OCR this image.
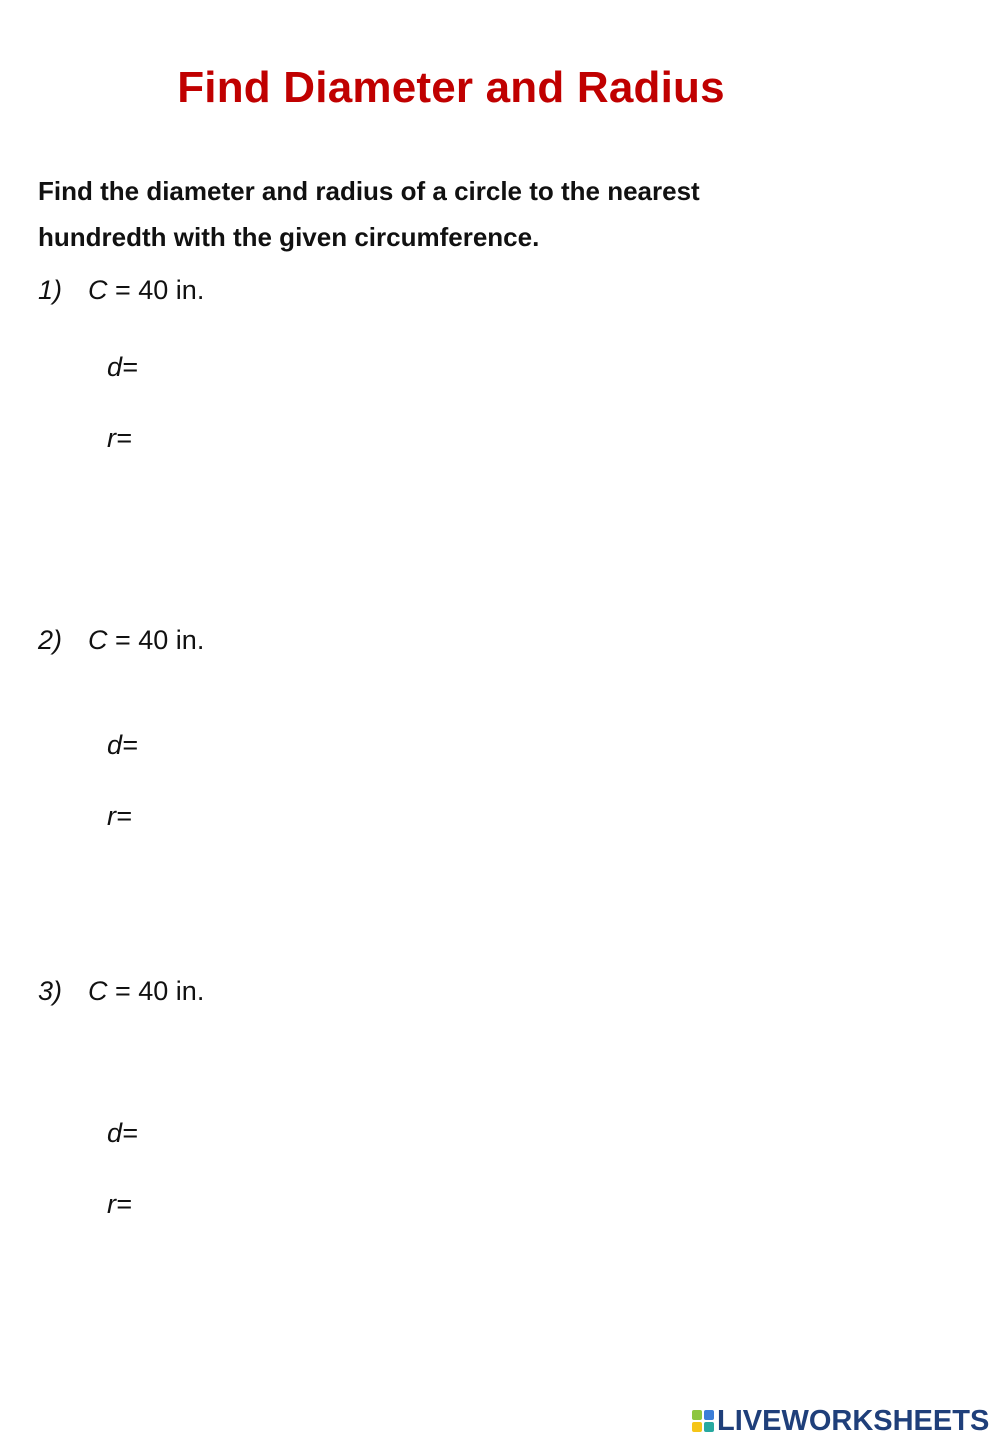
Find Diameter and Radius
Find the diameter and radius of a circle to the nearest hundredth with the given circumference.
1) C = 40 in.
d=
r=
2) C = 40 in.
d=
r=
3) C = 40 in.
d=
r=
LIVEWORKSHEETS
